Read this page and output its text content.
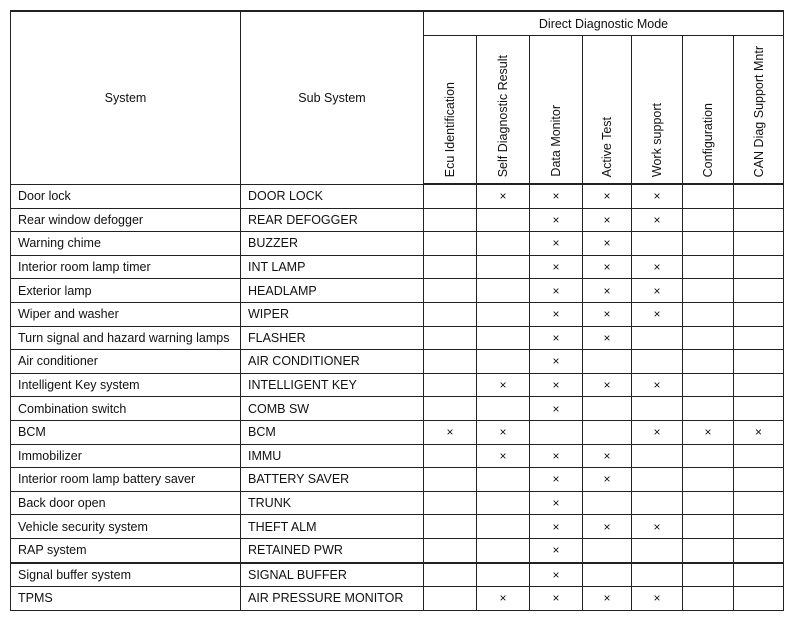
System	Sub System	Direct Diagnostic Mode						

		Ecu Identification	Self Diagnostic Result	Data Monitor	Active Test	Work support	Configuration	CAN Diag Support Mntr

Door lock	DOOR LOCK		×	×	×	×		
Rear window defogger	REAR DEFOGGER			×	×	×		
Warning chime	BUZZER			×	×			
Interior room lamp timer	INT LAMP			×	×	×		
Exterior lamp	HEADLAMP			×	×	×		
Wiper and washer	WIPER			×	×	×		
Turn signal and hazard warning lamps	FLASHER			×	×			
Air conditioner	AIR CONDITIONER			×				
Intelligent Key system	INTELLIGENT KEY		×	×	×	×		
Combination switch	COMB SW			×				
BCM	BCM	×	×			×	×	×
Immobilizer	IMMU		×	×	×			
Interior room lamp battery saver	BATTERY SAVER			×	×			
Back door open	TRUNK			×				
Vehicle security system	THEFT ALM			×	×	×		
RAP system	RETAINED PWR			×				
Signal buffer system	SIGNAL BUFFER			×				
TPMS	AIR PRESSURE MONITOR		×	×	×	×		
